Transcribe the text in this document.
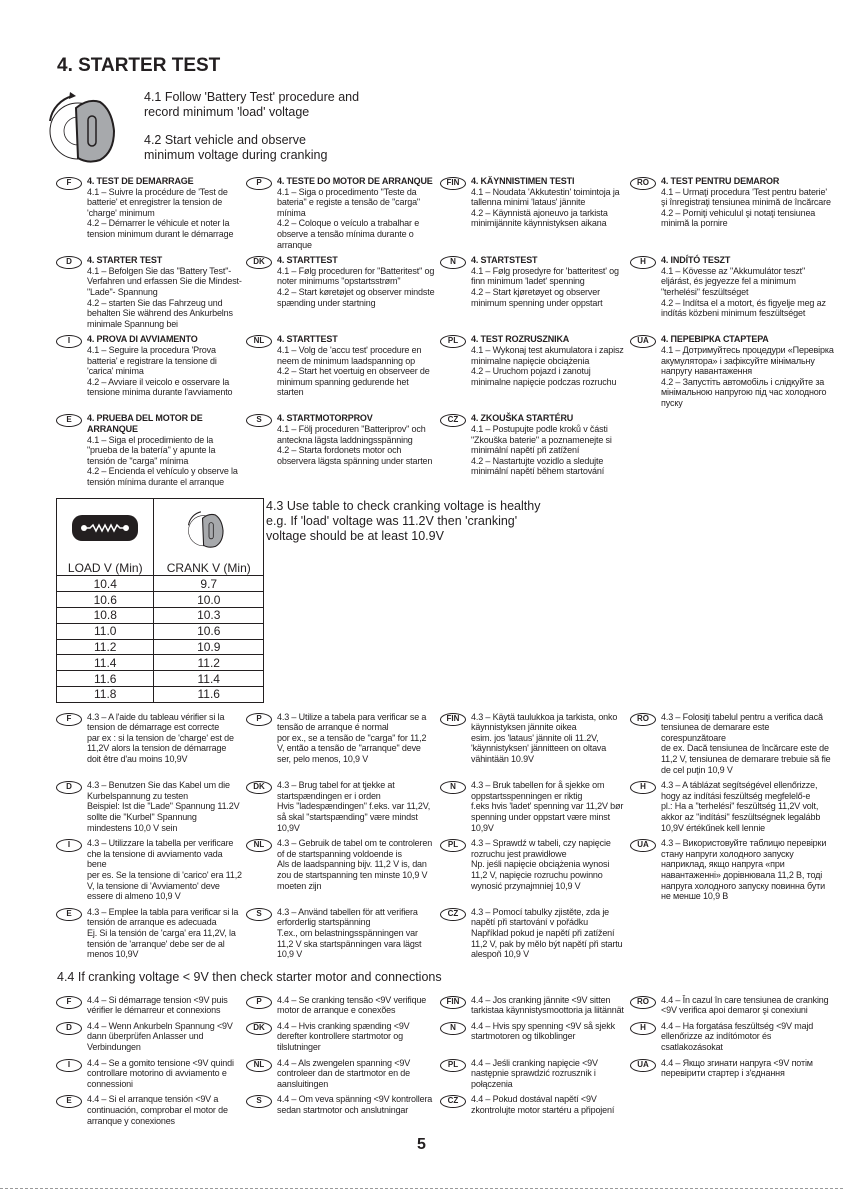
4. STARTER TEST
4.1 Follow 'Battery Test' procedure and
record minimum 'load' voltage
4.2 Start vehicle and observe
minimum voltage during cranking
F	4. TEST DE DEMARRAGE
4.1 – Suivre la procédure de 'Test de batterie' et enregistrer la tension de 'charge' minimum
4.2 – Démarrer le véhicule et noter la tension minimum durant le démarrage
D	4. STARTER TEST
4.1 – Befolgen Sie das "Battery Test"-Verfahren und erfassen Sie die Mindest-"Lade"- Spannung
4.2 – starten Sie das Fahrzeug und behalten Sie während des Ankurbelns minimale Spannung bei
I	4. PROVA DI AVVIAMENTO
4.1 – Seguire la procedura 'Prova batteria' e registrare la tensione di 'carica' minima
4.2 – Avviare il veicolo e osservare la tensione minima durante l'avviamento
E	4. PRUEBA DEL MOTOR DE ARRANQUE
4.1 – Siga el procedimiento de la "prueba de la batería" y apunte la tensión de "carga" mínima
4.2 – Encienda el vehículo y observe la tensión mínima durante el arranque
P	4. TESTE DO MOTOR DE ARRANQUE
4.1 – Siga o procedimento "Teste da bateria" e registe a tensão de "carga" mínima
4.2 – Coloque o veículo a trabalhar e observe a tensão mínima durante o arranque
DK	4. STARTTEST
4.1 – Følg proceduren for "Batteritest" og noter minimums "opstartsstrøm"
4.2 – Start køretøjet og observer mindste spænding under startning
NL	4. STARTTEST
4.1 – Volg de 'accu test' procedure en neem de minimum laadspanning op
4.2 – Start het voertuig en observeer de minimum spanning gedurende het starten
S	4. STARTMOTORPROV
4.1 – Följ proceduren "Batteriprov" och anteckna lägsta laddningsspänning
4.2 – Starta fordonets motor och observera lägsta spänning under starten
FIN	4. KÄYNNISTIMEN TESTI
4.1 – Noudata 'Akkutestin' toimintoja ja tallenna minimi 'lataus' jännite
4.2 – Käynnistä ajoneuvo ja tarkista minimijännite käynnistyksen aikana
N	4. STARTSTEST
4.1 – Følg prosedyre for 'batteritest' og finn minimum 'ladet' spenning
4.2 – Start kjøretøyet og observer minimum spenning under oppstart
PL	4. TEST ROZRUSZNIKA
4.1 – Wykonaj test akumulatora i zapisz minimalne napięcie obciążenia
4.2 – Uruchom pojazd i zanotuj minimalne napięcie podczas rozruchu
CZ	4. ZKOUŠKA STARTÉRU
4.1 – Postupujte podle kroků v části "Zkouška baterie" a poznamenejte si minimální napětí při zatížení
4.2 – Nastartujte vozidlo a sledujte minimální napětí během startování
RO	4. TEST PENTRU DEMAROR
4.1 – Urmaţi procedura 'Test pentru baterie' şi înregistraţi tensiunea minimă de încărcare
4.2 – Porniţi vehiculul şi notaţi tensiunea minimă la pornire
H	4. INDÍTÓ TESZT
4.1 – Kövesse az "Akkumulátor teszt" eljárást, és jegyezze fel a minimum "terhelési" feszültséget
4.2 – Indítsa el a motort, és figyelje meg az indítás közbeni minimum feszültséget
UA	4. ПЕРЕВІРКА СТАРТЕРА
4.1 – Дотримуйтесь процедури «Перевірка акумулятора» і зафіксуйте мінімальну напругу навантаження
4.2 – Запустіть автомобіль і слідкуйте за мінімальною напругою під час холодного пуску

LOAD V (Min)	CRANK V (Min)
10.4	9.7
10.6	10.0
10.8	10.3
11.0	10.6
11.2	10.9
11.4	11.2
11.6	11.4
11.8	11.6
4.3 Use table to check cranking voltage is healthy
e.g. If 'load' voltage was 11.2V then 'cranking'
voltage should be at least 10.9V
F	4.3 – A l'aide du tableau vérifier si la tension de démarrage est correcte
par ex : si la tension de 'charge' est de 11,2V alors la tension de démarrage doit être d'au moins 10,9V
D	4.3 – Benutzen Sie das Kabel um die Kurbelspannung zu testen
Beispiel: Ist die "Lade" Spannung 11.2V sollte die "Kurbel" Spannung mindestens 10,0 V sein
I	4.3 – Utilizzare la tabella per verificare che la tensione di avviamento vada bene
per es. Se la tensione di 'carico' era 11,2 V, la tensione di 'Avviamento' deve essere di almeno 10,9 V
E	4.3 – Emplee la tabla para verificar si la tensión de arranque es adecuada
Ej. Si la tensión de 'carga' era 11,2V, la tensión de 'arranque' debe ser de al menos 10,9V
P	4.3 – Utilize a tabela para verificar se a tensão de arranque é normal
por ex., se a tensão de "carga" for 11,2 V, então a tensão de "arranque" deve ser, pelo menos, 10,9 V
DK	4.3 – Brug tabel for at tjekke at startspændingen er i orden
Hvis "ladespændingen" f.eks. var 11,2V, så skal "startspænding" være mindst 10,9V
NL	4.3 – Gebruik de tabel om te controleren of de startspanning voldoende is
Als de laadspanning bijv. 11,2 V is, dan zou de startspanning ten minste 10,9 V moeten zijn
S	4.3 – Använd tabellen för att verifiera erforderlig startspänning
T.ex., om belastningsspänningen var 11,2 V ska startspänningen vara lägst 10,9 V
FIN	4.3 – Käytä taulukkoa ja tarkista, onko käynnistyksen jännite oikea
esim. jos 'lataus' jännite oli 11.2V, 'käynnistyksen' jännitteen on oltava vähintään 10.9V
N	4.3 – Bruk tabellen for å sjekke om oppstartsspenningen er riktig
f.eks hvis 'ladet' spenning var 11,2V bør spenning under oppstart være minst 10,9V
PL	4.3 – Sprawdź w tabeli, czy napięcie rozruchu jest prawidłowe
Np. jeśli napięcie obciążenia wynosi 11,2 V, napięcie rozruchu powinno wynosić przynajmniej 10,9 V
CZ	4.3 – Pomocí tabulky zjistěte, zda je napětí při startování v pořádku
Například pokud je napětí při zatížení 11,2 V, pak by mělo být napětí při startu alespoň 10,9 V
RO	4.3 – Folosiţi tabelul pentru a verifica dacă tensiunea de demarare este corespunzătoare
de ex. Dacă tensiunea de încărcare este de 11,2 V, tensiunea de demarare trebuie să fie de cel puţin 10,9 V
H	4.3 – A táblázat segítségével ellenőrizze, hogy az indítási feszültség megfelelő-e
pl.: Ha a "terhelési" feszültség 11,2V volt, akkor az "indítási" feszültségnek legalább 10,9V értékűnek kell lennie
UA	4.3 – Використовуйте таблицю перевірки стану напруги холодного запуску
наприклад, якщо напруга «при навантаженні» дорівнювала 11,2 В, тоді напруга холодного запуску повинна бути не менше 10,9 В
4.4 If cranking voltage < 9V then check starter motor and connections
F	4.4 – Si démarrage tension <9V puis vérifier le démarreur et connexions
D	4.4 – Wenn Ankurbeln Spannung <9V dann überprüfen Anlasser und Verbindungen
I	4.4 – Se a gomito tensione <9V quindi controllare motorino di avviamento e connessioni
E	4.4 – Si el arranque tensión <9V a continuación, comprobar el motor de arranque y conexiones
P	4.4 – Se cranking tensão <9V verifique motor de arranque e conexões
DK	4.4 – Hvis cranking spænding <9V derefter kontrollere startmotor og tilslutninger
NL	4.4 – Als zwengelen spanning <9V controleer dan de startmotor en de aansluitingen
S	4.4 – Om veva spänning <9V kontrollera sedan startmotor och anslutningar
FIN	4.4 – Jos cranking jännite <9V sitten tarkistaa käynnistysmoottoria ja liitännät
N	4.4 – Hvis spy spenning <9V så sjekk startmotoren og tilkoblinger
PL	4.4 – Jeśli cranking napięcie <9V następnie sprawdzić rozrusznik i połączenia
CZ	4.4 – Pokud dostával napětí <9V zkontrolujte motor startéru a připojení
RO	4.4 – În cazul în care tensiunea de cranking <9V verifica apoi demaror şi conexiuni
H	4.4 – Ha forgatása feszültség <9V majd ellenőrizze az indítómotor és csatlakozásokat
UA	4.4 – Якщо згинати напруга <9V потім перевірити стартер і з'єднання
5
